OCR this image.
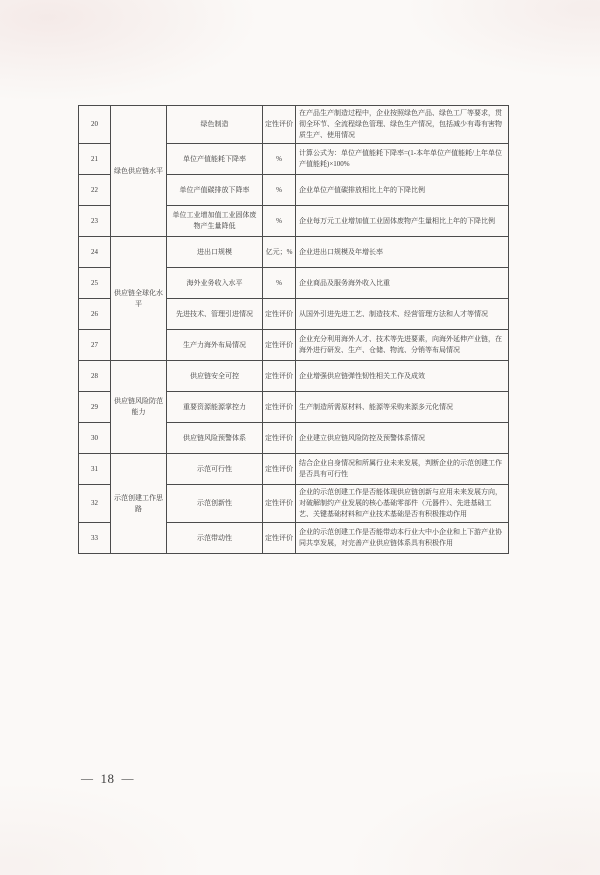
20	绿色供应链水平	绿色制造	定性评价	在产品生产制造过程中，企业按照绿色产品、绿色工厂等要求，贯彻全环节、全流程绿色管理、绿色生产情况，包括减少有毒有害物质生产、使用情况
21		单位产值能耗下降率	%	计算公式为：单位产值能耗下降率=(1-本年单位产值能耗/上年单位产值能耗)×100%
22		单位产值碳排放下降率	%	企业单位产值碳排放相比上年的下降比例
23		单位工业增加值工业固体废物产生量降低	%	企业每万元工业增加值工业固体废物产生量相比上年的下降比例
24	供应链全球化水平	进出口规模	亿元；%	企业进出口规模及年增长率
25		海外业务收入水平	%	企业商品及服务海外收入比重
26		先进技术、管理引进情况	定性评价	从国外引进先进工艺、制造技术、经营管理方法和人才等情况
27		生产力海外布局情况	定性评价	企业充分利用海外人才、技术等先进要素，向海外延伸产业链，在海外进行研发、生产、仓储、物流、分销等布局情况
28	供应链风险防范能力	供应链安全可控	定性评价	企业增强供应链弹性韧性相关工作及成效
29		重要资源能源掌控力	定性评价	生产制造所需原材料、能源等采购来源多元化情况
30		供应链风险预警体系	定性评价	企业建立供应链风险防控及预警体系情况
31	示范创建工作思路	示范可行性	定性评价	结合企业自身情况和所属行业未来发展，判断企业的示范创建工作是否具有可行性
32		示范创新性	定性评价	企业的示范创建工作是否能体现供应链创新与应用未来发展方向，对破解制约产业发展的核心基础零部件（元器件）、先进基础工艺、关键基础材料和产业技术基础是否有积极推动作用
33		示范带动性	定性评价	企业的示范创建工作是否能带动本行业大中小企业和上下游产业协同共享发展，对完善产业供应链体系具有积极作用
— 18 —
